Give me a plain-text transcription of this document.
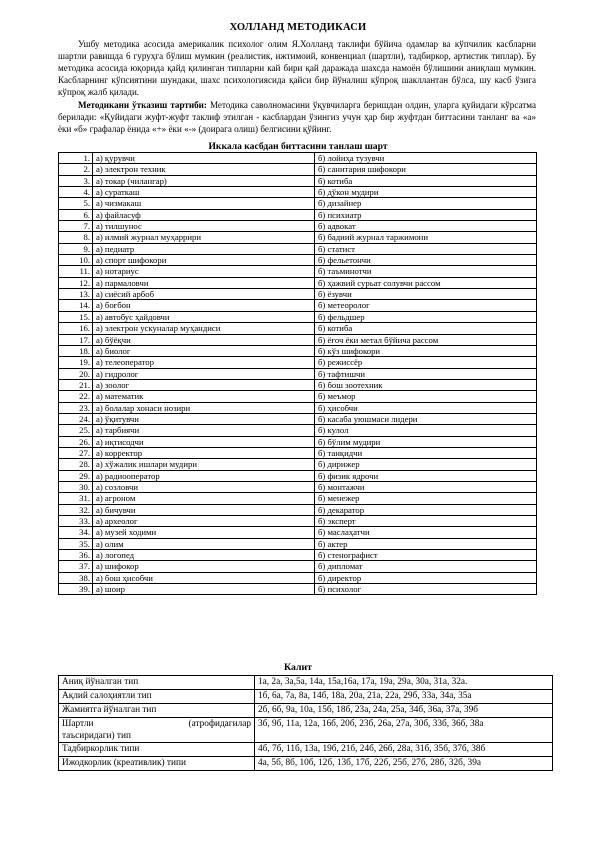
ХОЛЛАНД МЕТОДИКАСИ
Ушбу методика асосида америкалик психолог олим Я.Холланд таклифи бўйича одамлар ва кўпчилик касбларни шартли равишда 6 гуруҳга бўлиш мумкин (реалистик, ижтимоий, конвенциал (шартли), тадбиркор, артистик типлар). Бу методика асосида юқорида қайд қилинган типларни кай бири қай даражада шахсда намоён бўлишини аниқлаш мумкин. Касбларнинг кўпсиятини шундаки, шахс психологиясида қайси бир йўналиш кўпроқ шакллантан бўлса, шу касб ўзига кўпроқ жалб қилади.
Методикани ўтказиш тартиби: Методика саволномасини ўқувчиларга беришдан олдин, уларга қуйидаги кўрсатма берилади: «Қуйидаги жуфт-жуфт таклиф этилган - касблардан ўзингиз учун ҳар бир жуфтдан биттасини танланг ва «а» ёки «б» графалар ёнида «+» ёки «-» (доирага олиш) белгисини қўйинг.
Иккала касбдан биттасини танлаш шарт
1.	а) қурувчи	б) лойиҳа тузувчи
2.	а) электрон техник	б) санитария шифокори
3.	а) токар (чилангар)	б) котиба
4.	а) сураткаш	б) дўкон мудири
5.	а) чизмакаш	б) дизайнер
6.	а) файласуф	б) психиатр
7.	а) тилшунос	б) адвокат
8.	а) илмий журнал муҳаррири	б) бадиий журнал таржимони
9.	а) педиатр	б) статист
10.	а) спорт шифокори	б) фельетончи
11.	а) нотариус	б) таъминотчи
12.	а) пармаловчи	б) ҳажвий сурьат солувчи рассом
13.	а) сиёсий арбоб	б) ёзувчи
14.	а) боғбон	б) метеоролог
15.	а) автобус ҳайдовчи	б) фельдшер
16.	а) электрон ускуналар муҳандиси	б) котиба
17.	а) бўёқчи	б) ёғоч ёки метал бўйича рассом
18.	а) биолог	б) кўз шифокори
19.	а) телеоператор	б) режиссёр
20.	а) гидролог	б) тафтишчи
21.	а) зоолог	б) бош зоотехник
22.	а) математик	б) меъмор
23.	а) болалар хонаси нозири	б) ҳисобчи
24.	а) ўқитувчи	б) касаба уюшмаси лидери
25.	а) тарбиячи	б) кулол
26.	а) иқтисодчи	б) бўлим мудири
27.	а) корректор	б) танқидчи
28.	а) хўжалик ишлари мудири	б) дирижер
29.	а) радиооператор	б) физик ядрочи
30.	а) созловчи	б) монтажчи
31.	а) агроном	б) менежер
32.	а) бичувчи	б) декаратор
33.	а) археолог	б) эксперт
34.	а) музей ходими	б) маслаҳатчи
35.	а) олим	б) актер
36.	а) логопед	б) стенографист
37.	а) шифокор	б) дипломат
38.	а) бош ҳисобчи	б) директор
39.	а) шоир	б) психолог
Калит
Аниқ йўналган тип	1а, 2а, 3а,5а, 14а, 15а,16а, 17а, 19а, 29а, 30а, 31а, 32а.
Ақлий салоҳиятли тип	1б, 6а, 7а, 8а, 14б, 18а, 20а, 21а, 22а, 29б, 33а, 34а, 35а
Жамиятга йўналган тип	2б, 6б, 9а, 10а, 15б, 18б, 23а, 24а, 25а, 34б, 36а, 37а, 39б

Шартли (атрофидагилар
таъсиридаги) тип	3б, 9б, 11а, 12а, 16б, 20б, 23б, 26а, 27а, 30б, 33б, 36б, 38а
Тадбиркорлик типи	4б, 7б, 11б, 13а, 19б, 21б, 24б, 26б, 28а, 31б, 35б, 37б, 38б
Ижодкорлик (креативлик) типи	4а, 5б, 8б, 10б, 12б, 13б, 17б, 22б, 25б, 27б, 28б, 32б, 39а
